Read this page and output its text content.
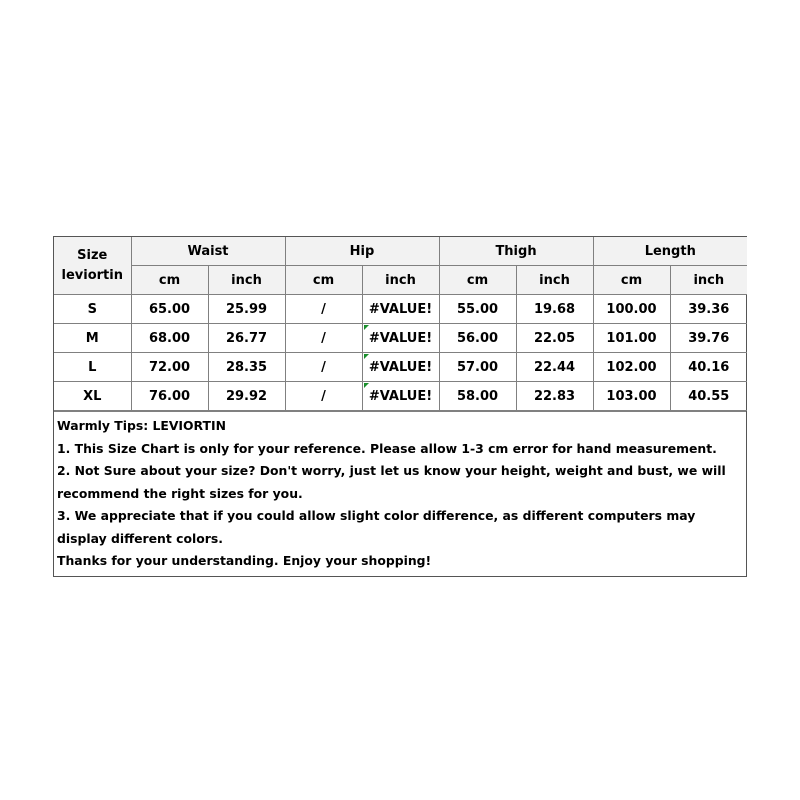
Size
leviortin	Waist		Hip		Thigh		Length	
	cm	inch	cm	inch	cm	inch	cm	inch
S	65.00	25.99	/	#VALUE!	55.00	19.68	100.00	39.36
M	68.00	26.77	/	#VALUE!	56.00	22.05	101.00	39.76
L	72.00	28.35	/	#VALUE!	57.00	22.44	102.00	40.16
XL	76.00	29.92	/	#VALUE!	58.00	22.83	103.00	40.55
Warmly Tips: LEVIORTIN
1. This Size Chart is only for your reference. Please allow 1-3 cm error for hand measurement.
2. Not Sure about your size? Don't worry, just let us know your height, weight and bust, we will recommend the right sizes for you.
3. We appreciate that if you could allow slight color difference, as different computers may display different colors.
Thanks for your understanding. Enjoy your shopping!
